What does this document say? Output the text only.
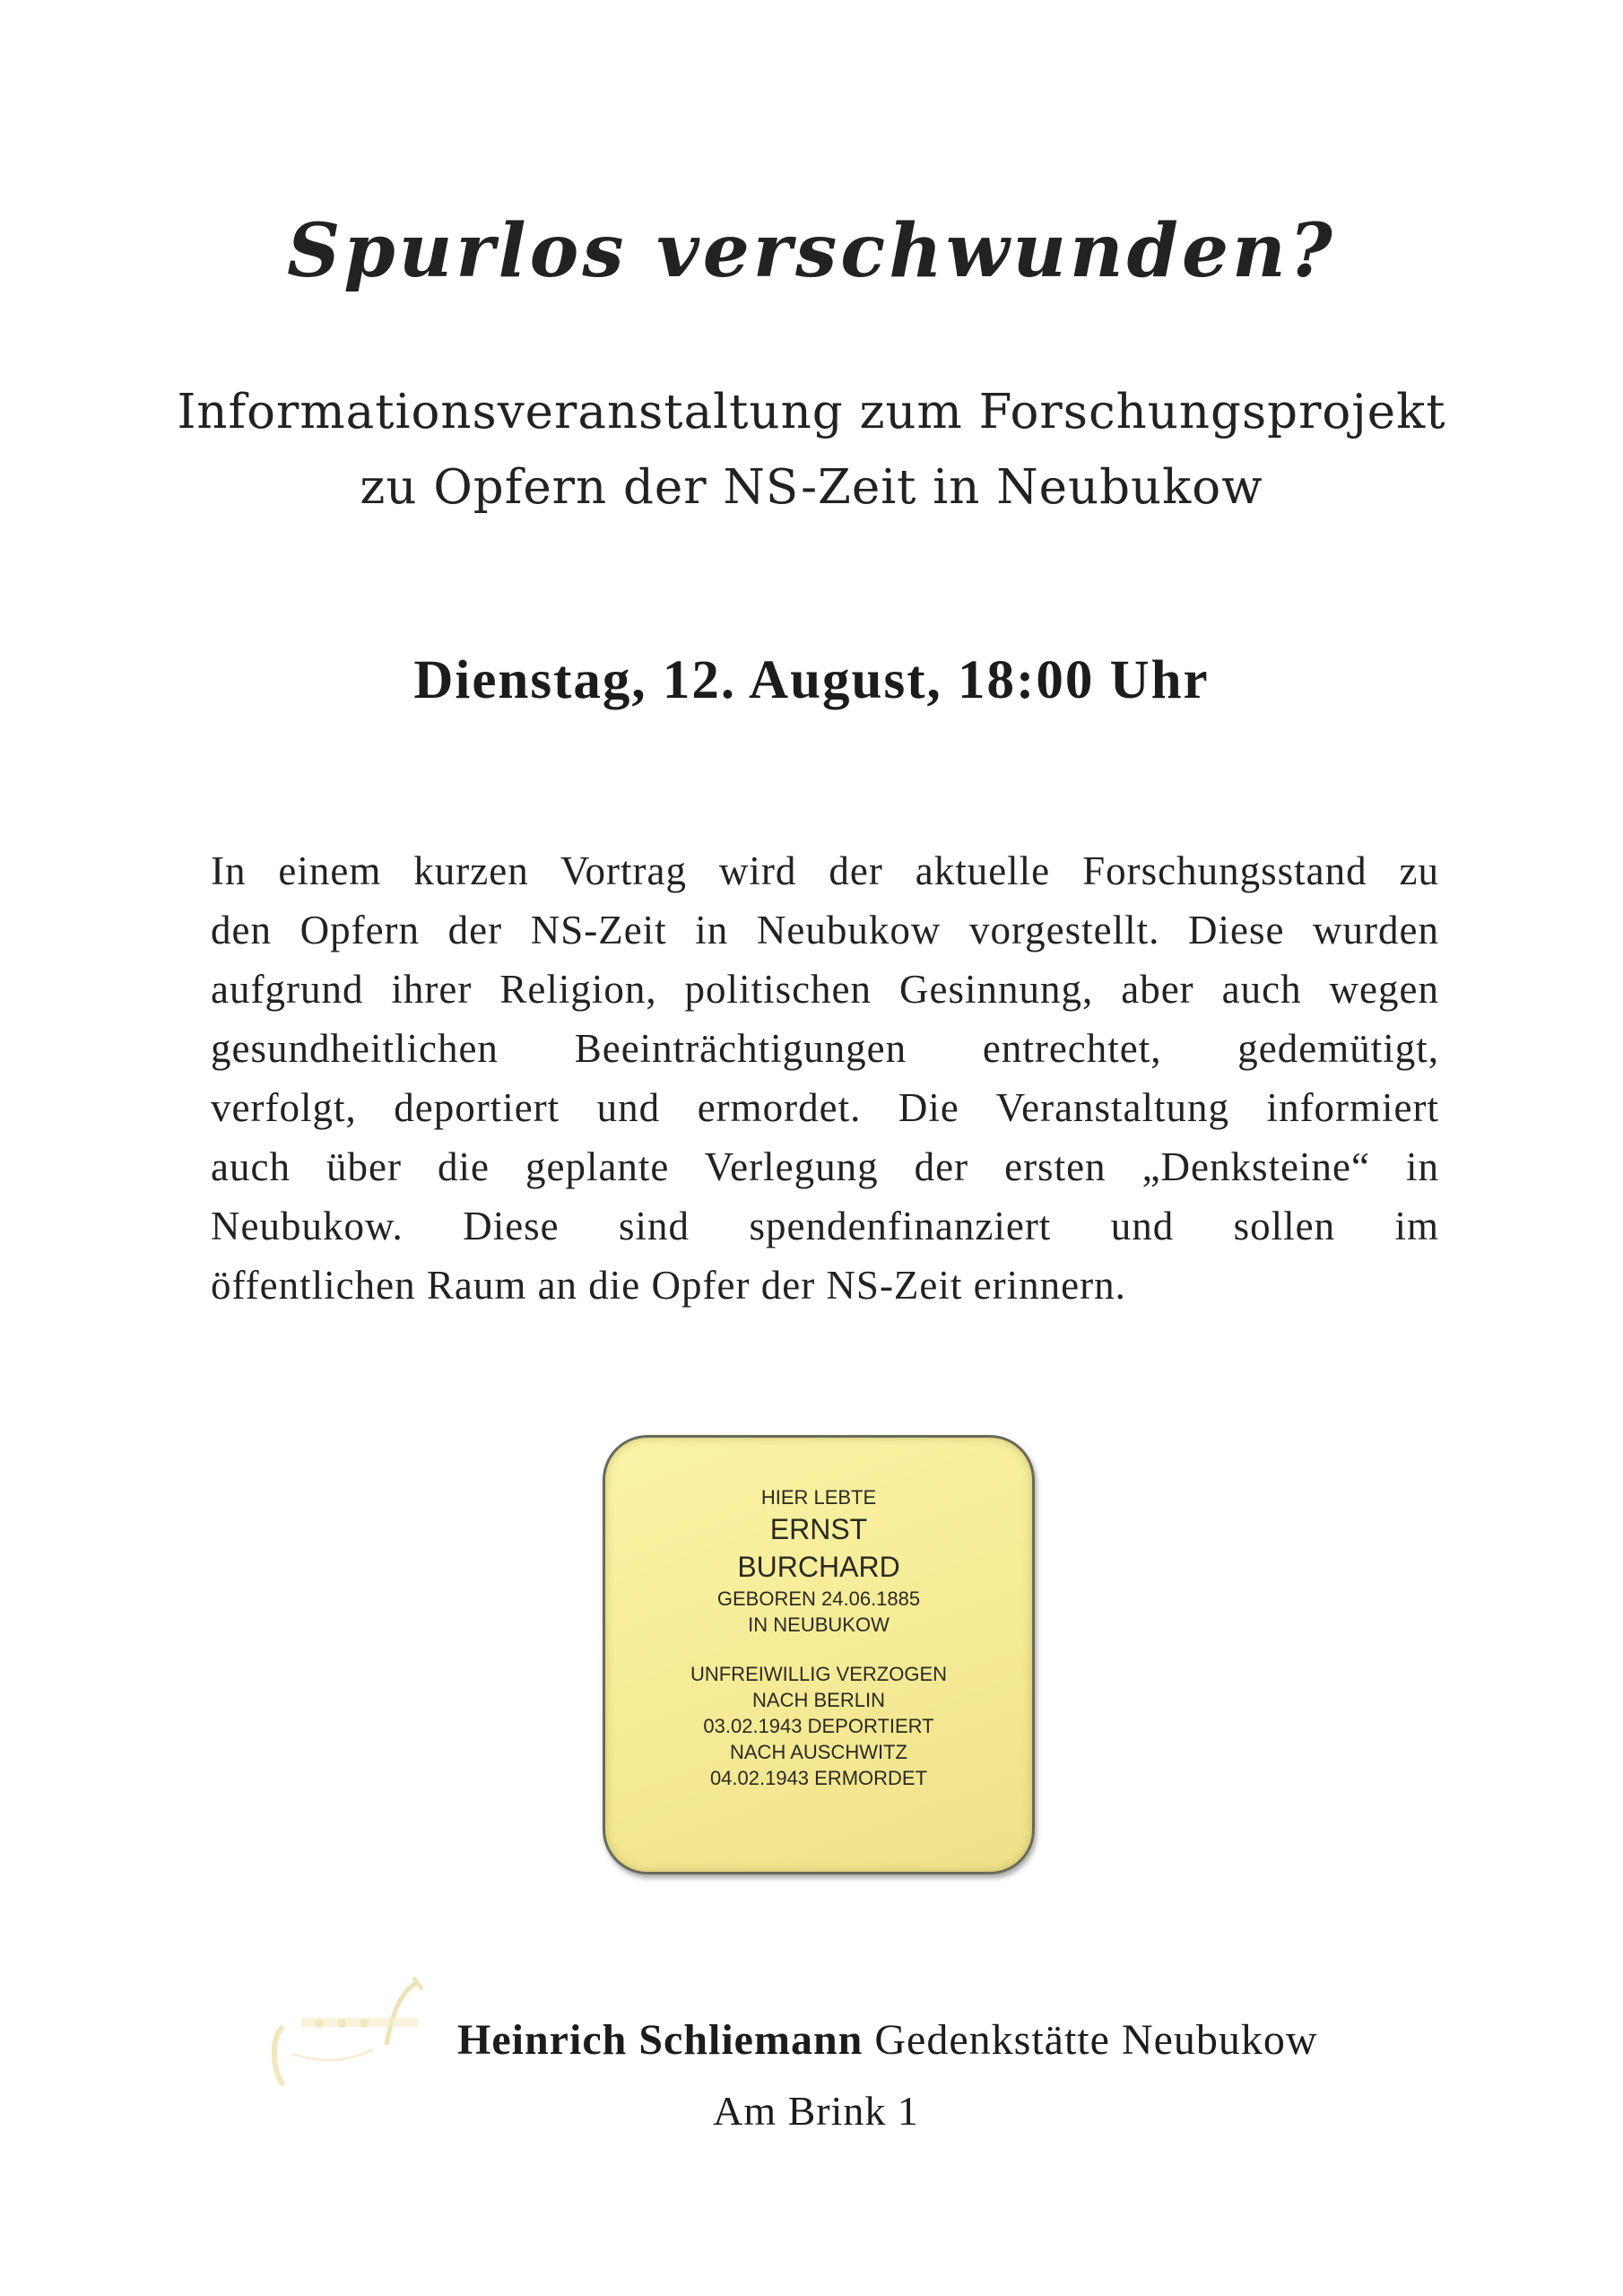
Spurlos verschwunden?
Informationsveranstaltung zum Forschungsprojekt
zu Opfern der NS-Zeit in Neubukow
Dienstag, 12. August, 18:00 Uhr
In einem kurzen Vortrag wird der aktuelle Forschungsstand zu
den Opfern der NS-Zeit in Neubukow vorgestellt. Diese wurden
aufgrund ihrer Religion, politischen Gesinnung, aber auch wegen
gesundheitlichen Beeinträchtigungen entrechtet, gedemütigt,
verfolgt, deportiert und ermordet. Die Veranstaltung informiert
auch über die geplante Verlegung der ersten „Denksteine“ in
Neubukow. Diese sind spendenfinanziert und sollen im
öffentlichen Raum an die Opfer der NS-Zeit erinnern.
HIER LEBTE
ERNST
BURCHARD
GEBOREN 24.06.1885
IN NEUBUKOW
UNFREIWILLIG VERZOGEN
NACH BERLIN
03.02.1943 DEPORTIERT
NACH AUSCHWITZ
04.02.1943 ERMORDET
Heinrich Schliemann Gedenkstätte Neubukow
Am Brink 1
